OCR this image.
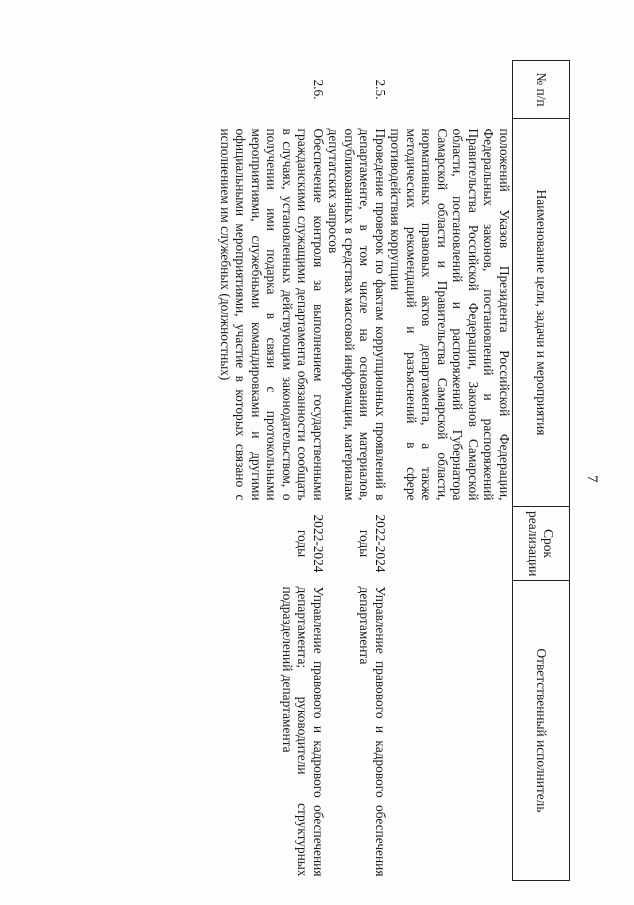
7
№ п/п	Наименование цели, задачи и мероприятия	Срок реализации	Ответственный исполнитель
	положений Указов Президента Российской Федерации, Федеральных законов, постановлений и распоряжений Правительства Российской Федерации, Законов Самарской области, постановлений и распоряжений Губернатора Самарской области и Правительства Самарской области, нормативных правовых актов департамента, а также методических рекомендаций и разъяснений в сфере противодействия коррупции		
2.5.	Проведение проверок по фактам коррупционных проявлений в департаменте, в том числе на основании материалов, опубликованных в средствах массовой информации, материалам депутатских запросов	2022-2024 годы	Управление правового и кадрового обеспечения департамента
2.6.	Обеспечение контроля за выполнением государственными гражданскими служащими департамента обязанности сообщать в случаях, установленных действующим законодательством, о получении ими подарка в связи с протокольными мероприятиями, служебными командировками и другими официальными мероприятиями, участие в которых связано с исполнением им служебных (должностных)	2022-2024 годы	Управление правового и кадрового обеспечения департамента; руководители структурных подразделений департамента
